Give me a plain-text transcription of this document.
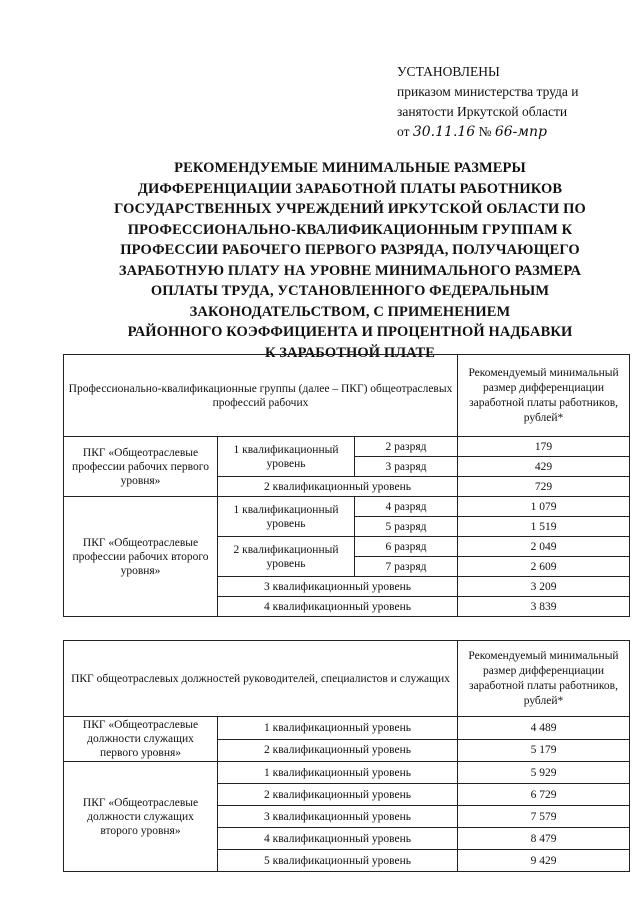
УСТАНОВЛЕНЫ
приказом министерства труда и
занятости Иркутской области
от 30.11.16 № 66-мпр
РЕКОМЕНДУЕМЫЕ МИНИМАЛЬНЫЕ РАЗМЕРЫ
ДИФФЕРЕНЦИАЦИИ ЗАРАБОТНОЙ ПЛАТЫ РАБОТНИКОВ
ГОСУДАРСТВЕННЫХ УЧРЕЖДЕНИЙ ИРКУТСКОЙ ОБЛАСТИ ПО
ПРОФЕССИОНАЛЬНО-КВАЛИФИКАЦИОННЫМ ГРУППАМ К
ПРОФЕССИИ РАБОЧЕГО ПЕРВОГО РАЗРЯДА, ПОЛУЧАЮЩЕГО
ЗАРАБОТНУЮ ПЛАТУ НА УРОВНЕ МИНИМАЛЬНОГО РАЗМЕРА
ОПЛАТЫ ТРУДА, УСТАНОВЛЕННОГО ФЕДЕРАЛЬНЫМ
ЗАКОНОДАТЕЛЬСТВОМ, С ПРИМЕНЕНИЕМ
РАЙОННОГО КОЭФФИЦИЕНТА И ПРОЦЕНТНОЙ НАДБАВКИ
К ЗАРАБОТНОЙ ПЛАТЕ
Профессионально-квалификационные группы (далее – ПКГ) общеотраслевых профессий рабочих			Рекомендуемый минимальный размер дифференциации заработной платы работников, рублей*
ПКГ «Общеотраслевые профессии рабочих первого уровня»	1 квалификационный уровень	2 разряд	179
		3 разряд	429
	2 квалификационный уровень		729
ПКГ «Общеотраслевые профессии рабочих второго уровня»	1 квалификационный уровень	4 разряд	1 079
		5 разряд	1 519
	2 квалификационный уровень	6 разряд	2 049
		7 разряд	2 609
	3 квалификационный уровень		3 209
	4 квалификационный уровень		3 839
ПКГ общеотраслевых должностей руководителей, специалистов и служащих		Рекомендуемый минимальный размер дифференциации заработной платы работников, рублей*
ПКГ «Общеотраслевые должности служащих первого уровня»	1 квалификационный уровень	4 489
	2 квалификационный уровень	5 179
ПКГ «Общеотраслевые должности служащих второго уровня»	1 квалификационный уровень	5 929
	2 квалификационный уровень	6 729
	3 квалификационный уровень	7 579
	4 квалификационный уровень	8 479
	5 квалификационный уровень	9 429
